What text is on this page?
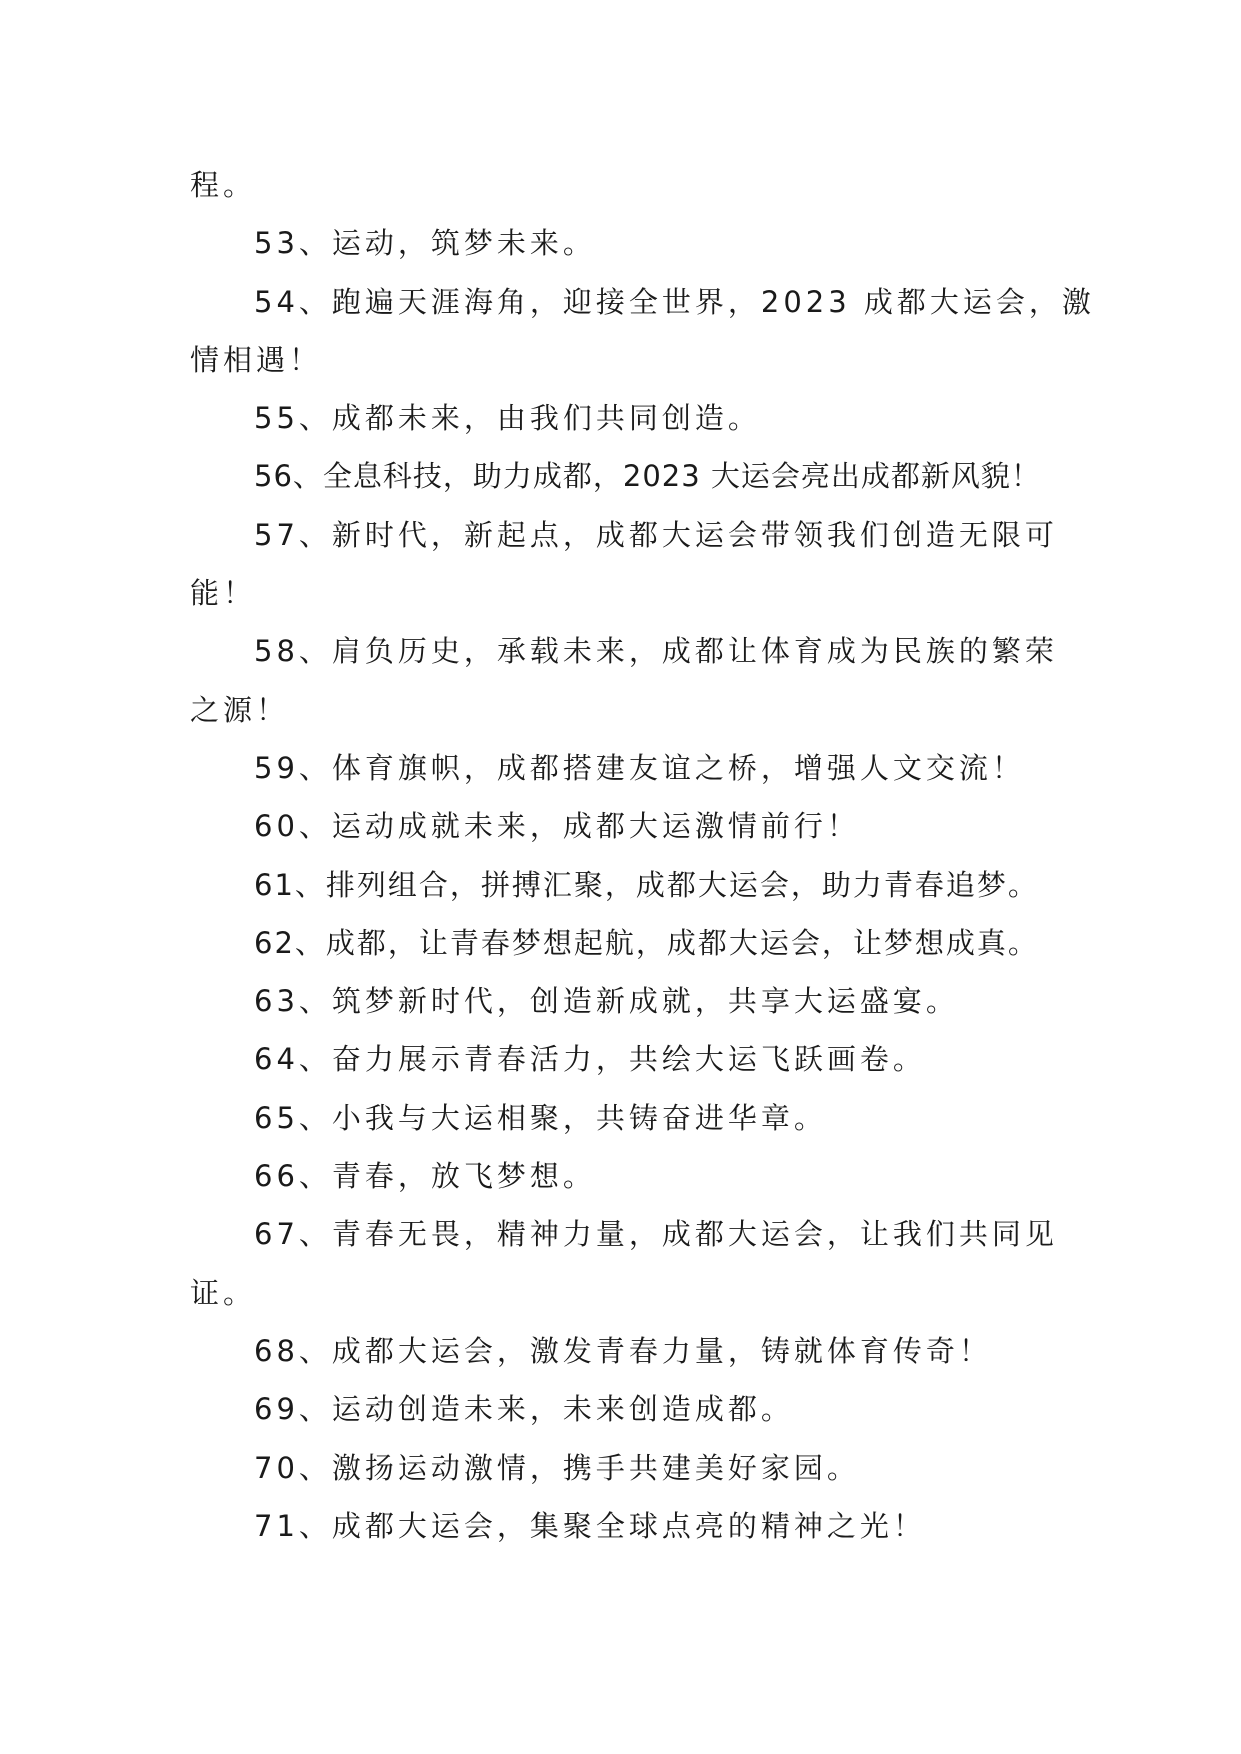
程。
53、运动，筑梦未来。
54、跑遍天涯海角，迎接全世界，2023 成都大运会，激
情相遇！
55、成都未来，由我们共同创造。
56、全息科技，助力成都，2023 大运会亮出成都新风貌！
57、新时代，新起点，成都大运会带领我们创造无限可
能！
58、肩负历史，承载未来，成都让体育成为民族的繁荣
之源！
59、体育旗帜，成都搭建友谊之桥，增强人文交流！
60、运动成就未来，成都大运激情前行！
61、排列组合，拼搏汇聚，成都大运会，助力青春追梦。
62、成都，让青春梦想起航，成都大运会，让梦想成真。
63、筑梦新时代，创造新成就，共享大运盛宴。
64、奋力展示青春活力，共绘大运飞跃画卷。
65、小我与大运相聚，共铸奋进华章。
66、青春，放飞梦想。
67、青春无畏，精神力量，成都大运会，让我们共同见
证。
68、成都大运会，激发青春力量，铸就体育传奇！
69、运动创造未来，未来创造成都。
70、激扬运动激情，携手共建美好家园。
71、成都大运会，集聚全球点亮的精神之光！
